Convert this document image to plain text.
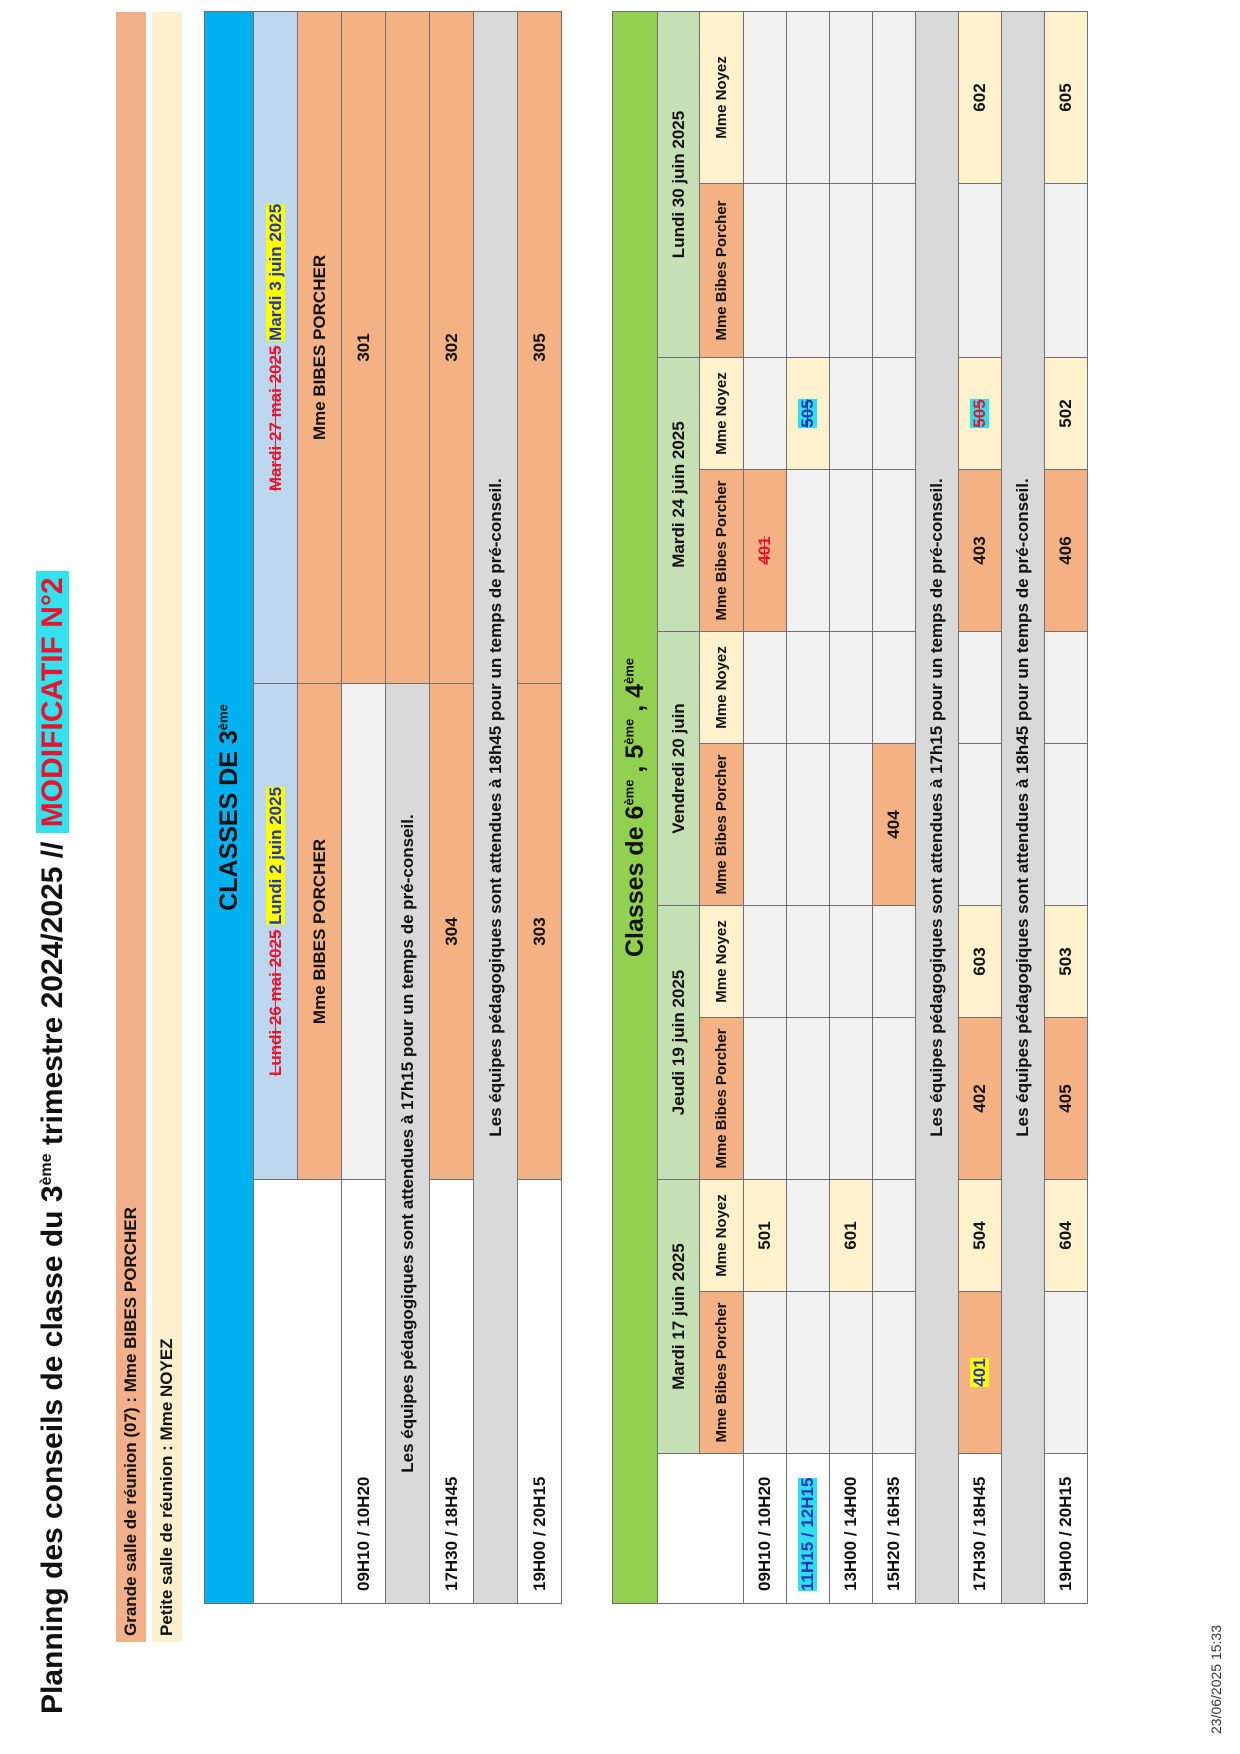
Planning des conseils de classe du 3ème trimestre 2024/2025 // MODIFICATIF N°2
Grande salle de réunion (07) : Mme BIBES PORCHER	Petite salle de réunion : Mme NOYEZ
CLASSES DE 3ème
	Lundi 26 mai 2025 Lundi 2 juin 2025	Mardi 27 mai 2025 Mardi 3 juin 2025
	Mme BIBES PORCHER	Mme BIBES PORCHER
09H10 / 10H20		301
Les équipes pédagogiques sont attendues à 17h15 pour un temps de pré-conseil.		
17H30 / 18H45	304	302
Les équipes pédagogiques sont attendues à 18h45 pour un temps de pré-conseil.		
19H00 / 20H15	303	305
Classes de 6ème , 5ème , 4ème
	Mardi 17 juin 2025		Jeudi 19 juin 2025		Vendredi 20 juin		Mardi 24 juin 2025		Lundi 30 juin 2025	
	Mme Bibes Porcher	Mme Noyez	Mme Bibes Porcher	Mme Noyez	Mme Bibes Porcher	Mme Noyez	Mme Bibes Porcher	Mme Noyez	Mme Bibes Porcher	Mme Noyez
09H10 / 10H20		501					401			
11H15 / 12H15								505		
13H00 / 14H00		601								
15H20 / 16H35					404					
Les équipes pédagogiques sont attendues à 17h15 pour un temps de pré-conseil.										
17H30 / 18H45	401	504	402	603			403	505		602
Les équipes pédagogiques sont attendues à 18h45 pour un temps de pré-conseil.										
19H00 / 20H15		604	405	503			406	502		605
23/06/2025 15:33
